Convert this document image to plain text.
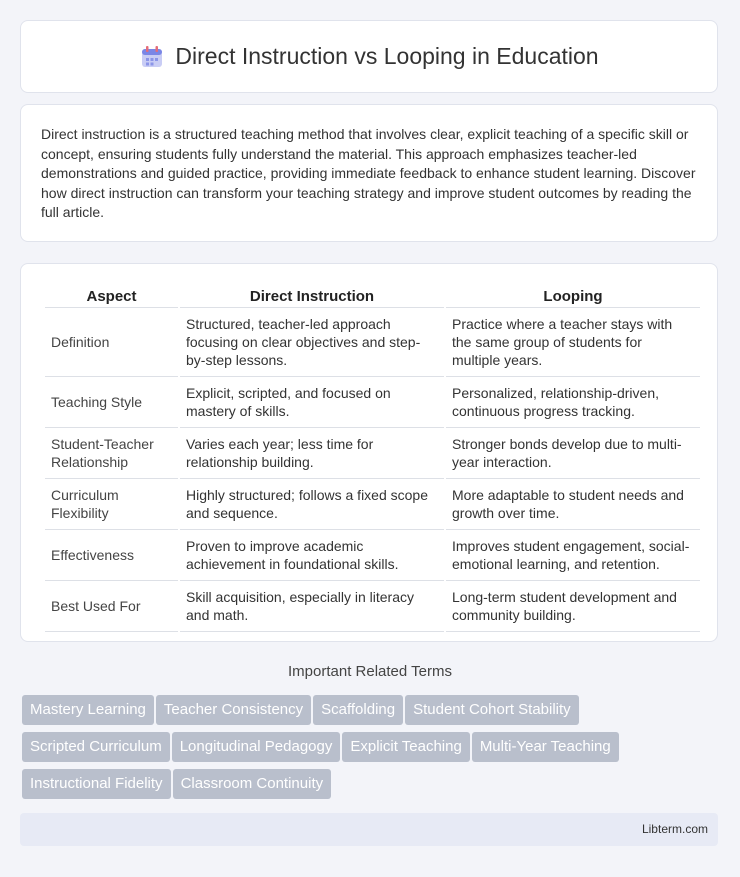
Direct Instruction vs Looping in Education

Direct instruction is a structured teaching method that involves clear, explicit teaching of a specific skill or concept, ensuring students fully understand the material. This approach emphasizes teacher-led demonstrations and guided practice, providing immediate feedback to enhance student learning. Discover how direct instruction can transform your teaching strategy and improve student outcomes by reading the full article.

Aspect	Direct Instruction	Looping
Definition	Structured, teacher-led approach focusing on clear objectives and step-by-step lessons.	Practice where a teacher stays with the same group of students for multiple years.
Teaching Style	Explicit, scripted, and focused on mastery of skills.	Personalized, relationship-driven, continuous progress tracking.
Student-Teacher Relationship	Varies each year; less time for relationship building.	Stronger bonds develop due to multi-year interaction.
Curriculum Flexibility	Highly structured; follows a fixed scope and sequence.	More adaptable to student needs and growth over time.
Effectiveness	Proven to improve academic achievement in foundational skills.	Improves student engagement, social-emotional learning, and retention.
Best Used For	Skill acquisition, especially in literacy and math.	Long-term student development and community building.
Important Related Terms
Mastery Learning Teacher Consistency Scaffolding Student Cohort Stability
Scripted Curriculum Longitudinal Pedagogy Explicit Teaching Multi-Year Teaching
Instructional Fidelity Classroom Continuity
Libterm.com
